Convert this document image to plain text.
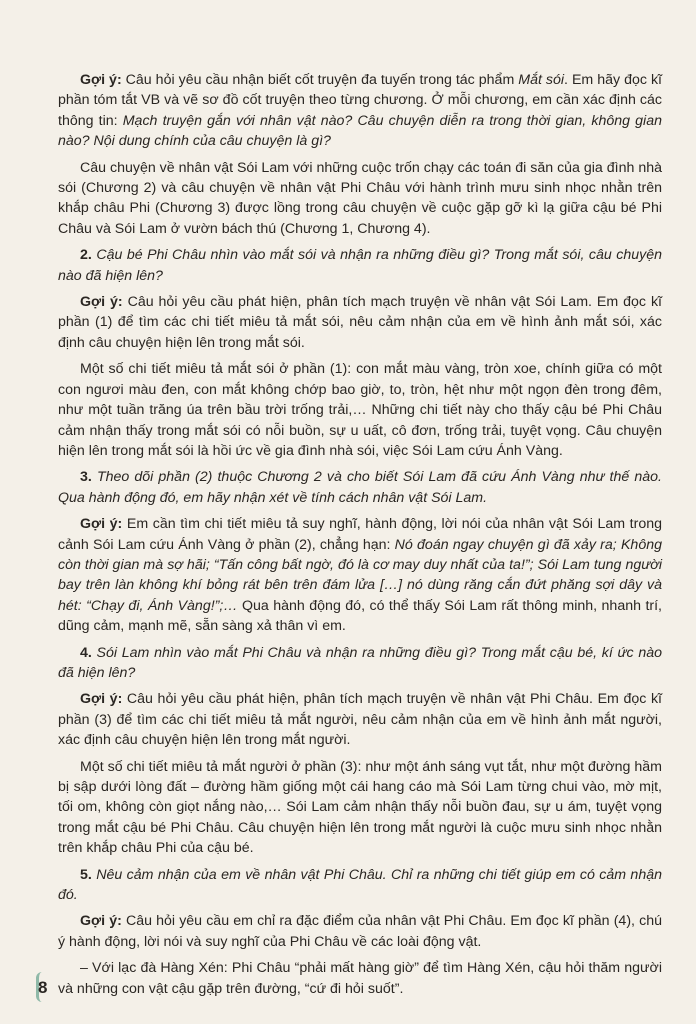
Gợi ý: Câu hỏi yêu cầu nhận biết cốt truyện đa tuyến trong tác phẩm Mắt sói. Em hãy đọc kĩ phần tóm tắt VB và vẽ sơ đồ cốt truyện theo từng chương. Ở mỗi chương, em cần xác định các thông tin: Mạch truyện gắn với nhân vật nào? Câu chuyện diễn ra trong thời gian, không gian nào? Nội dung chính của câu chuyện là gì?

Câu chuyện về nhân vật Sói Lam với những cuộc trốn chạy các toán đi săn của gia đình nhà sói (Chương 2) và câu chuyện về nhân vật Phi Châu với hành trình mưu sinh nhọc nhằn trên khắp châu Phi (Chương 3) được lồng trong câu chuyện về cuộc gặp gỡ kì lạ giữa cậu bé Phi Châu và Sói Lam ở vườn bách thú (Chương 1, Chương 4).

2. Cậu bé Phi Châu nhìn vào mắt sói và nhận ra những điều gì? Trong mắt sói, câu chuyện nào đã hiện lên?

Gợi ý: Câu hỏi yêu cầu phát hiện, phân tích mạch truyện về nhân vật Sói Lam. Em đọc kĩ phần (1) để tìm các chi tiết miêu tả mắt sói, nêu cảm nhận của em về hình ảnh mắt sói, xác định câu chuyện hiện lên trong mắt sói.

Một số chi tiết miêu tả mắt sói ở phần (1): con mắt màu vàng, tròn xoe, chính giữa có một con ngươi màu đen, con mắt không chớp bao giờ, to, tròn, hệt như một ngọn đèn trong đêm, như một tuần trăng úa trên bầu trời trống trải,… Những chi tiết này cho thấy cậu bé Phi Châu cảm nhận thấy trong mắt sói có nỗi buồn, sự u uất, cô đơn, trống trải, tuyệt vọng. Câu chuyện hiện lên trong mắt sói là hồi ức về gia đình nhà sói, việc Sói Lam cứu Ánh Vàng.

3. Theo dõi phần (2) thuộc Chương 2 và cho biết Sói Lam đã cứu Ánh Vàng như thế nào. Qua hành động đó, em hãy nhận xét về tính cách nhân vật Sói Lam.

Gợi ý: Em cần tìm chi tiết miêu tả suy nghĩ, hành động, lời nói của nhân vật Sói Lam trong cảnh Sói Lam cứu Ánh Vàng ở phần (2), chẳng hạn: Nó đoán ngay chuyện gì đã xảy ra; Không còn thời gian mà sợ hãi; “Tấn công bất ngờ, đó là cơ may duy nhất của ta!”; Sói Lam tung người bay trên làn không khí bỏng rát bên trên đám lửa […] nó dùng răng cắn đứt phăng sợi dây và hét: “Chạy đi, Ánh Vàng!”;… Qua hành động đó, có thể thấy Sói Lam rất thông minh, nhanh trí, dũng cảm, mạnh mẽ, sẵn sàng xả thân vì em.

4. Sói Lam nhìn vào mắt Phi Châu và nhận ra những điều gì? Trong mắt cậu bé, kí ức nào đã hiện lên?

Gợi ý: Câu hỏi yêu cầu phát hiện, phân tích mạch truyện về nhân vật Phi Châu. Em đọc kĩ phần (3) để tìm các chi tiết miêu tả mắt người, nêu cảm nhận của em về hình ảnh mắt người, xác định câu chuyện hiện lên trong mắt người.

Một số chi tiết miêu tả mắt người ở phần (3): như một ánh sáng vụt tắt, như một đường hầm bị sập dưới lòng đất – đường hầm giống một cái hang cáo mà Sói Lam từng chui vào, mờ mịt, tối om, không còn giọt nắng nào,… Sói Lam cảm nhận thấy nỗi buồn đau, sự u ám, tuyệt vọng trong mắt cậu bé Phi Châu. Câu chuyện hiện lên trong mắt người là cuộc mưu sinh nhọc nhằn trên khắp châu Phi của cậu bé.

5. Nêu cảm nhận của em về nhân vật Phi Châu. Chỉ ra những chi tiết giúp em có cảm nhận đó.

Gợi ý: Câu hỏi yêu cầu em chỉ ra đặc điểm của nhân vật Phi Châu. Em đọc kĩ phần (4), chú ý hành động, lời nói và suy nghĩ của Phi Châu về các loài động vật.

– Với lạc đà Hàng Xén: Phi Châu “phải mất hàng giờ” để tìm Hàng Xén, cậu hỏi thăm người và những con vật cậu gặp trên đường, “cứ đi hỏi suốt”.

8
